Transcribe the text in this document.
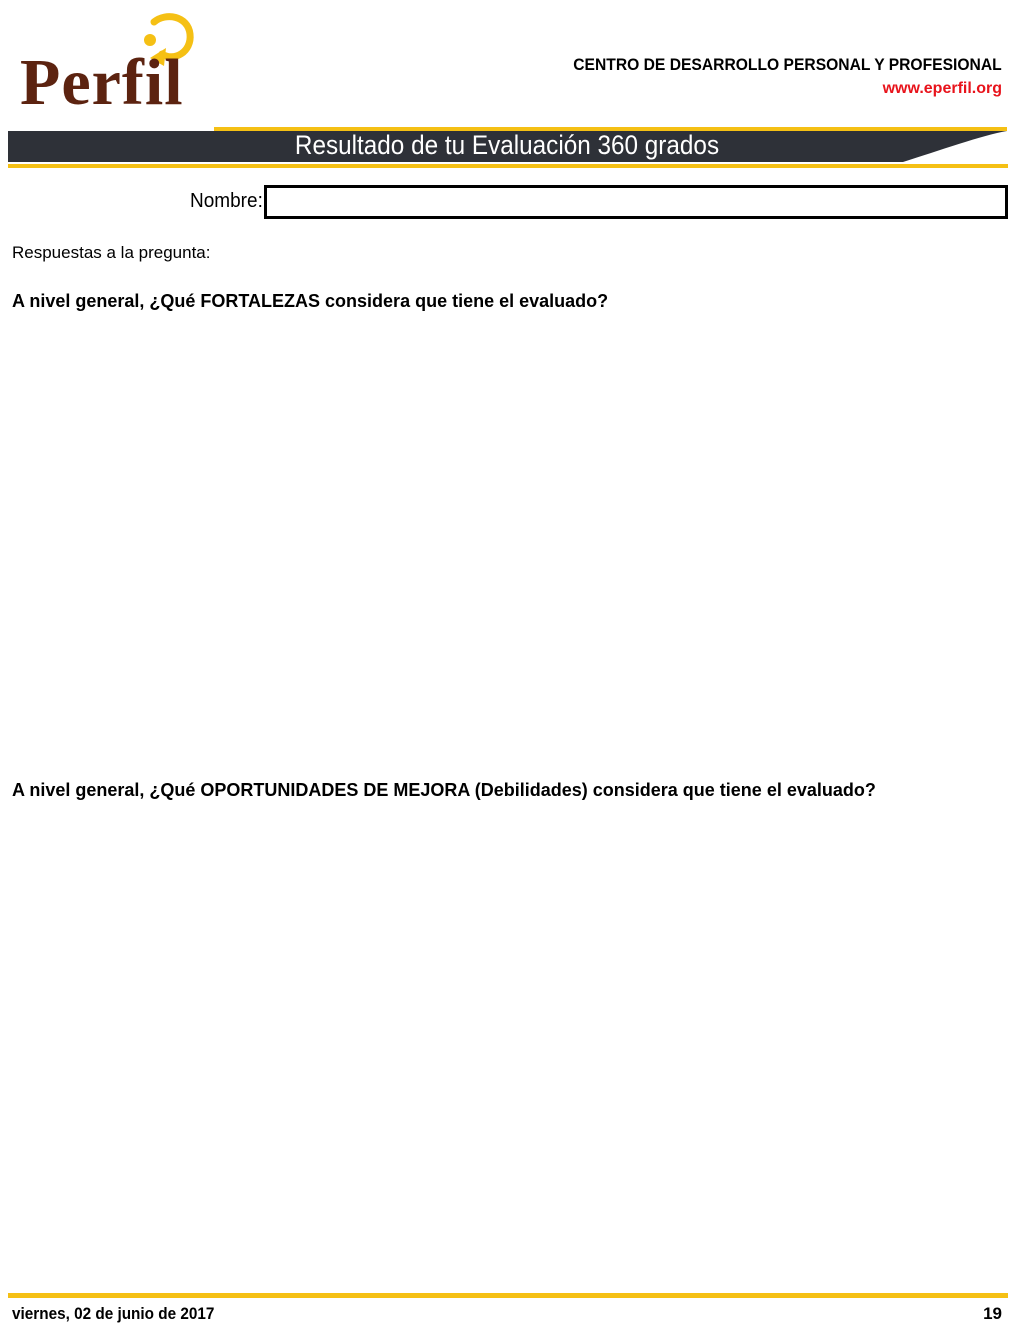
Perfil	CENTRO DE DESARROLLO PERSONAL Y PROFESIONAL
www.eperfil.org
Resultado de tu Evaluación 360 grados
Nombre:
Respuestas a la pregunta:
A nivel general, ¿Qué FORTALEZAS considera que tiene el evaluado?
A nivel general, ¿Qué OPORTUNIDADES DE MEJORA (Debilidades) considera que tiene el evaluado?
viernes, 02 de junio de 2017	19
